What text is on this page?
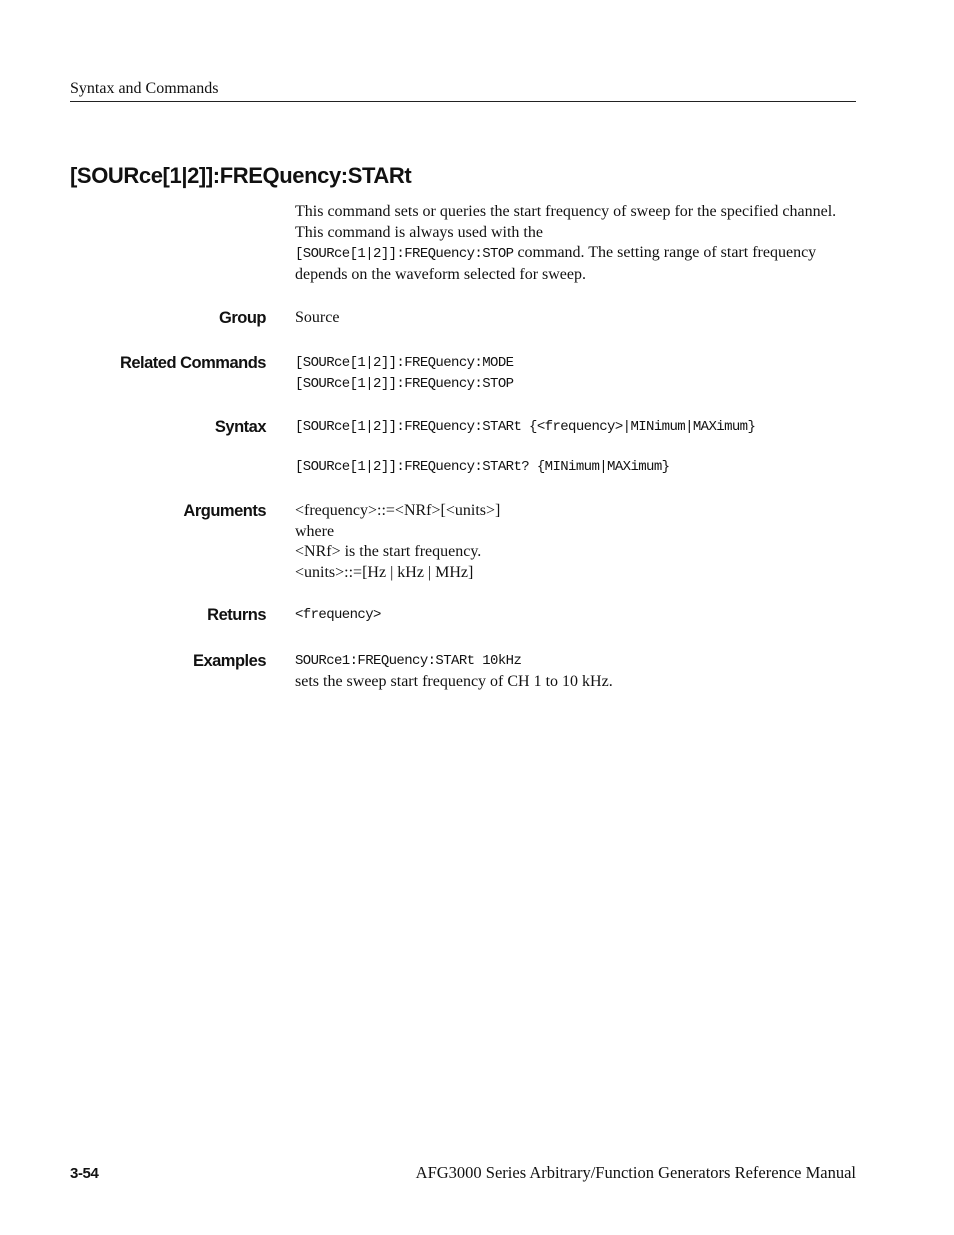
Syntax and Commands
[SOURce[1|2]]:FREQuency:STARt
This command sets or queries the start frequency of sweep for the specified channel. This command is always used with the
[SOURce[1|2]]:FREQuency:STOP command. The setting range of start frequency depends on the waveform selected for sweep.
Group Source
Related Commands [SOURce[1|2]]:FREQuency:MODE
[SOURce[1|2]]:FREQuency:STOP
Syntax [SOURce[1|2]]:FREQuency:STARt {<frequency>|MINimum|MAXimum}
[SOURce[1|2]]:FREQuency:STARt? {MINimum|MAXimum}
Arguments <frequency>::=<NRf>[<units>]
where
<NRf> is the start frequency.
<units>::=[Hz | kHz | MHz]
Returns <frequency>
Examples SOURce1:FREQuency:STARt 10kHz
sets the sweep start frequency of CH 1 to 10 kHz.
3-54	AFG3000 Series Arbitrary/Function Generators Reference Manual
